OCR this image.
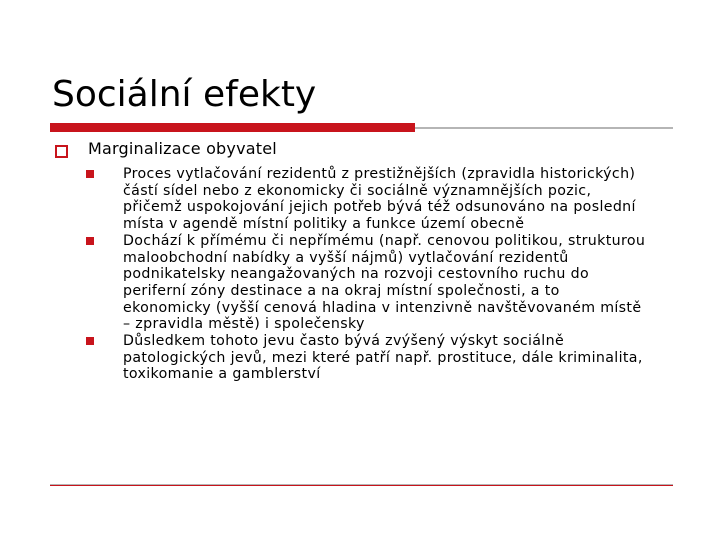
Sociální efekty
Marginalizace obyvatel
Proces vytlačování rezidentů z prestižnějších (zpravidla historických) částí sídel nebo z ekonomicky či sociálně významnějších pozic, přičemž uspokojování jejich potřeb bývá též odsunováno na poslední místa v agendě místní politiky a funkce území obecně
Dochází k přímému či nepřímému (např. cenovou politikou, strukturou maloobchodní nabídky a vyšší nájmů) vytlačování rezidentů podnikatelsky neangažovaných na rozvoji cestovního ruchu do periferní zóny destinace a na okraj místní společnosti, a to ekonomicky (vyšší cenová hladina v intenzivně navštěvovaném místě – zpravidla městě) i společensky
Důsledkem tohoto jevu často bývá zvýšený výskyt sociálně patologických jevů, mezi které patří např. prostituce, dále kriminalita, toxikomanie a gamblerství
